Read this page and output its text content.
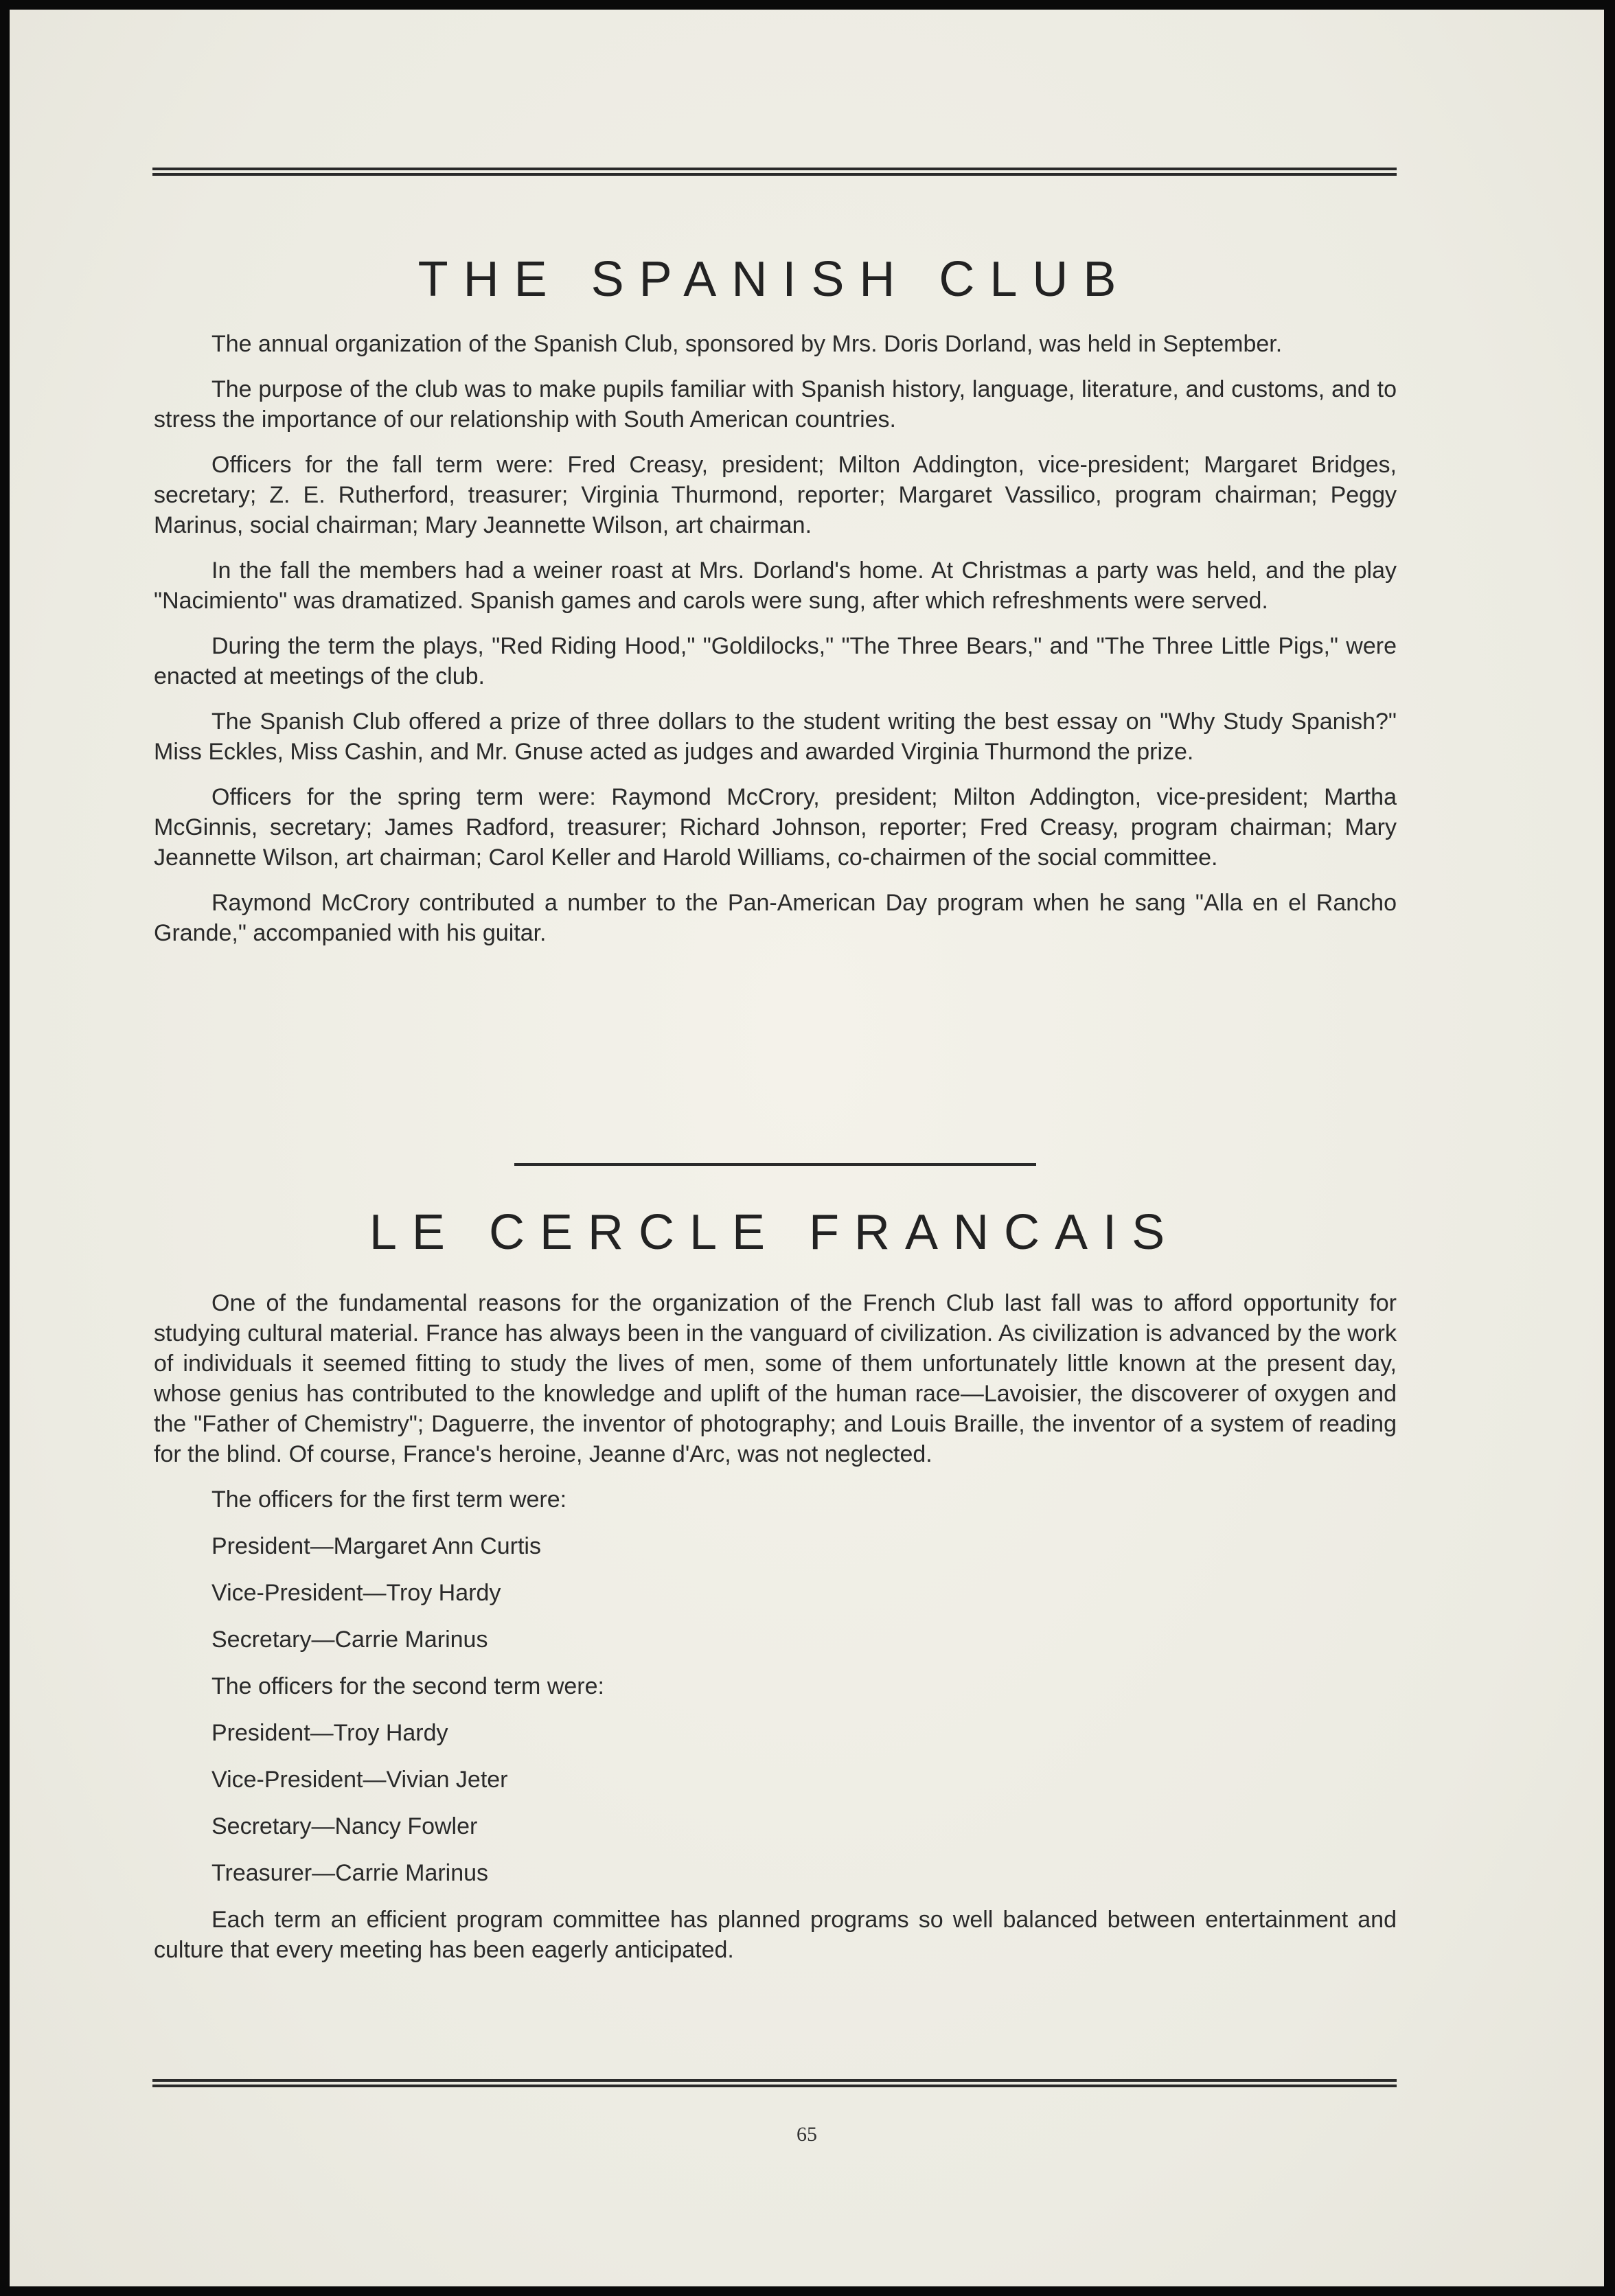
THE SPANISH CLUB

The annual organization of the Spanish Club, sponsored by Mrs. Doris Dorland, was held in September.

The purpose of the club was to make pupils familiar with Spanish history, language, literature, and customs, and to stress the importance of our relationship with South American countries.

Officers for the fall term were: Fred Creasy, president; Milton Addington, vice-president; Margaret Bridges, secretary; Z. E. Rutherford, treasurer; Virginia Thurmond, reporter; Margaret Vassilico, program chairman; Peggy Marinus, social chairman; Mary Jeannette Wilson, art chairman.

In the fall the members had a weiner roast at Mrs. Dorland's home. At Christmas a party was held, and the play "Nacimiento" was dramatized. Spanish games and carols were sung, after which refreshments were served.

During the term the plays, "Red Riding Hood," "Goldilocks," "The Three Bears," and "The Three Little Pigs," were enacted at meetings of the club.

The Spanish Club offered a prize of three dollars to the student writing the best essay on "Why Study Spanish?" Miss Eckles, Miss Cashin, and Mr. Gnuse acted as judges and awarded Virginia Thurmond the prize.

Officers for the spring term were: Raymond McCrory, president; Milton Addington, vice-president; Martha McGinnis, secretary; James Radford, treasurer; Richard Johnson, reporter; Fred Creasy, program chairman; Mary Jeannette Wilson, art chairman; Carol Keller and Harold Williams, co-chairmen of the social committee.

Raymond McCrory contributed a number to the Pan-American Day program when he sang "Alla en el Rancho Grande," accompanied with his guitar.

LE CERCLE FRANCAIS

One of the fundamental reasons for the organization of the French Club last fall was to afford opportunity for studying cultural material. France has always been in the vanguard of civilization. As civilization is advanced by the work of individuals it seemed fitting to study the lives of men, some of them unfortunately little known at the present day, whose genius has contributed to the knowledge and uplift of the human race—Lavoisier, the discoverer of oxygen and the "Father of Chemistry"; Daguerre, the inventor of photography; and Louis Braille, the inventor of a system of reading for the blind. Of course, France's heroine, Jeanne d'Arc, was not neglected.

The officers for the first term were:

President—Margaret Ann Curtis

Vice-President—Troy Hardy

Secretary—Carrie Marinus

The officers for the second term were:

President—Troy Hardy

Vice-President—Vivian Jeter

Secretary—Nancy Fowler

Treasurer—Carrie Marinus

Each term an efficient program committee has planned programs so well balanced between entertainment and culture that every meeting has been eagerly anticipated.

65
